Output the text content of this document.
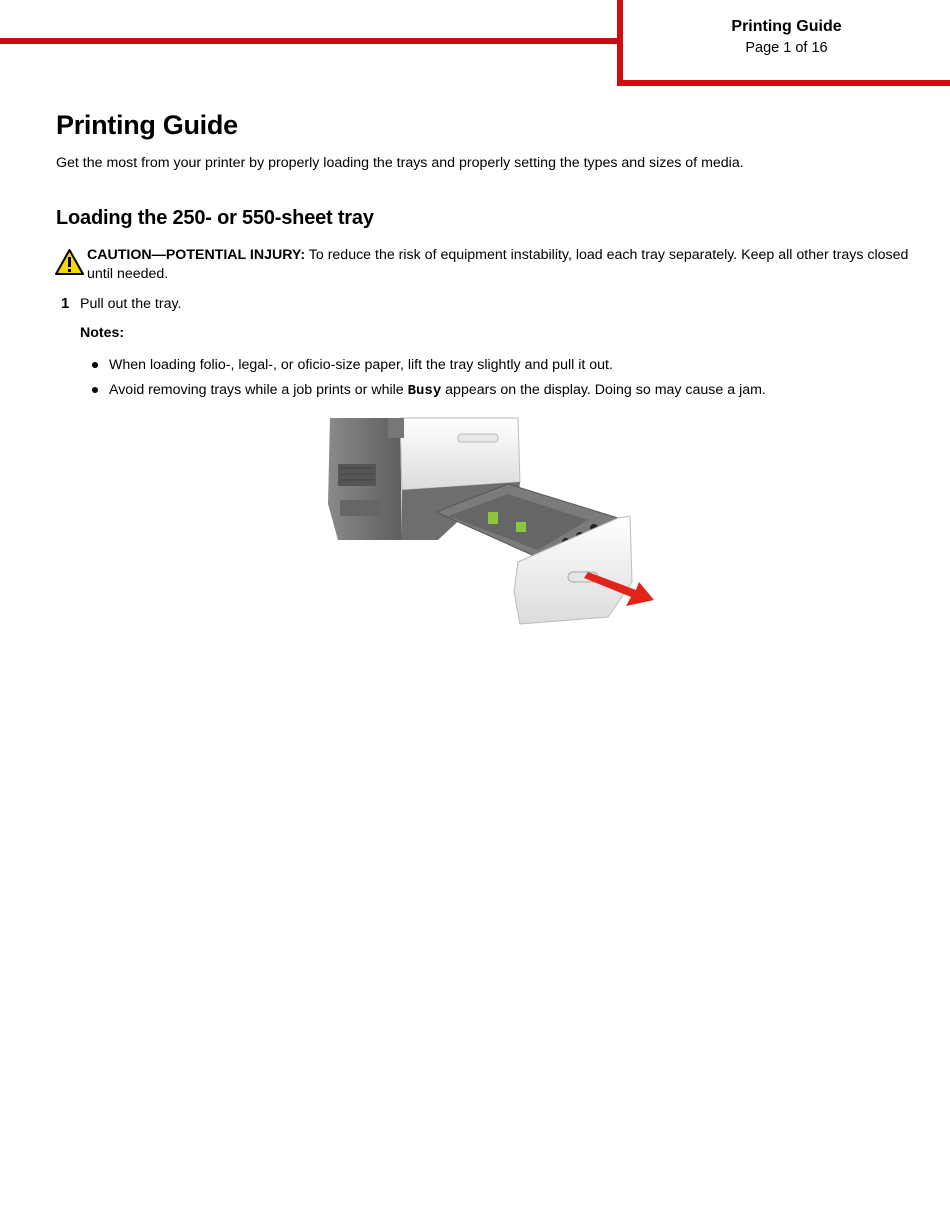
Printing Guide
Page 1 of 16
Printing Guide

Get the most from your printer by properly loading the trays and properly setting the types and sizes of media.

Loading the 250- or 550-sheet tray

CAUTION—POTENTIAL INJURY: To reduce the risk of equipment instability, load each tray separately. Keep all other trays closed until needed.

1 Pull out the tray.
Notes:
When loading folio-, legal-, or oficio-size paper, lift the tray slightly and pull it out.
Avoid removing trays while a job prints or while Busy appears on the display. Doing so may cause a jam.
